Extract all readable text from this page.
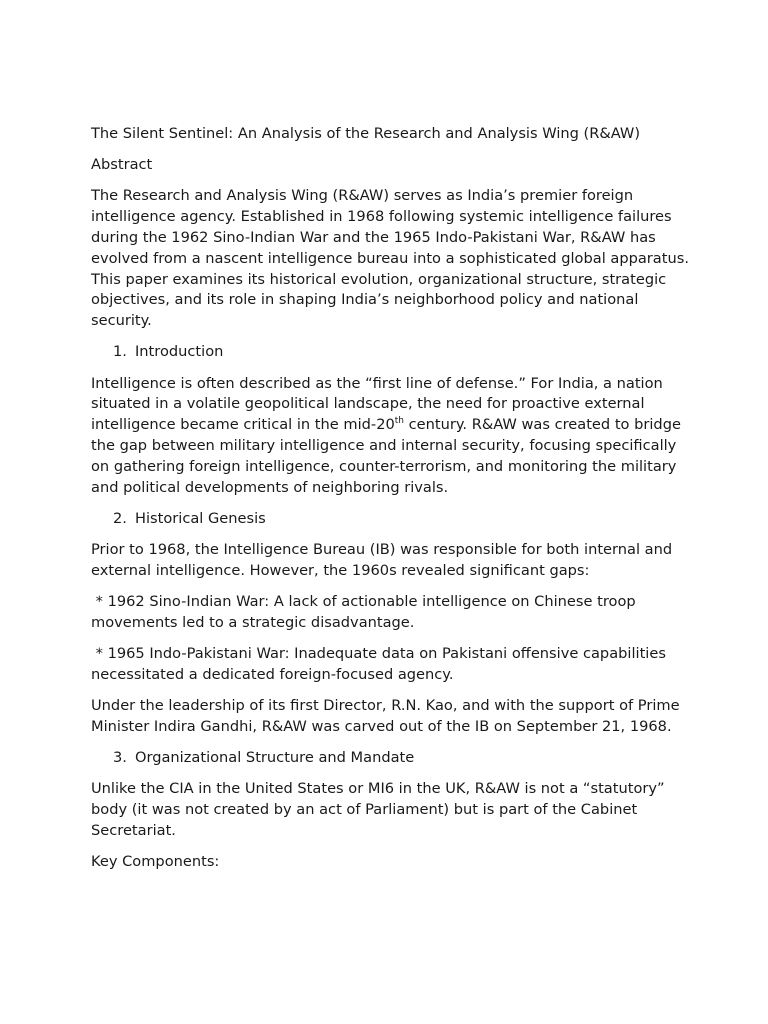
The Silent Sentinel: An Analysis of the Research and Analysis Wing (R&AW)

Abstract

The Research and Analysis Wing (R&AW) serves as India’s premier foreign intelligence agency. Established in 1968 following systemic intelligence failures during the 1962 Sino-Indian War and the 1965 Indo-Pakistani War, R&AW has evolved from a nascent intelligence bureau into a sophisticated global apparatus. This paper examines its historical evolution, organizational structure, strategic objectives, and its role in shaping India’s neighborhood policy and national security.

1. Introduction

Intelligence is often described as the “first line of defense.” For India, a nation situated in a volatile geopolitical landscape, the need for proactive external intelligence became critical in the mid-20th century. R&AW was created to bridge the gap between military intelligence and internal security, focusing specifically on gathering foreign intelligence, counter-terrorism, and monitoring the military and political developments of neighboring rivals.

2. Historical Genesis

Prior to 1968, the Intelligence Bureau (IB) was responsible for both internal and external intelligence. However, the 1960s revealed significant gaps:

* 1962 Sino-Indian War: A lack of actionable intelligence on Chinese troop movements led to a strategic disadvantage.

* 1965 Indo-Pakistani War: Inadequate data on Pakistani offensive capabilities necessitated a dedicated foreign-focused agency.

Under the leadership of its first Director, R.N. Kao, and with the support of Prime Minister Indira Gandhi, R&AW was carved out of the IB on September 21, 1968.

3. Organizational Structure and Mandate

Unlike the CIA in the United States or MI6 in the UK, R&AW is not a “statutory” body (it was not created by an act of Parliament) but is part of the Cabinet Secretariat.

Key Components:
